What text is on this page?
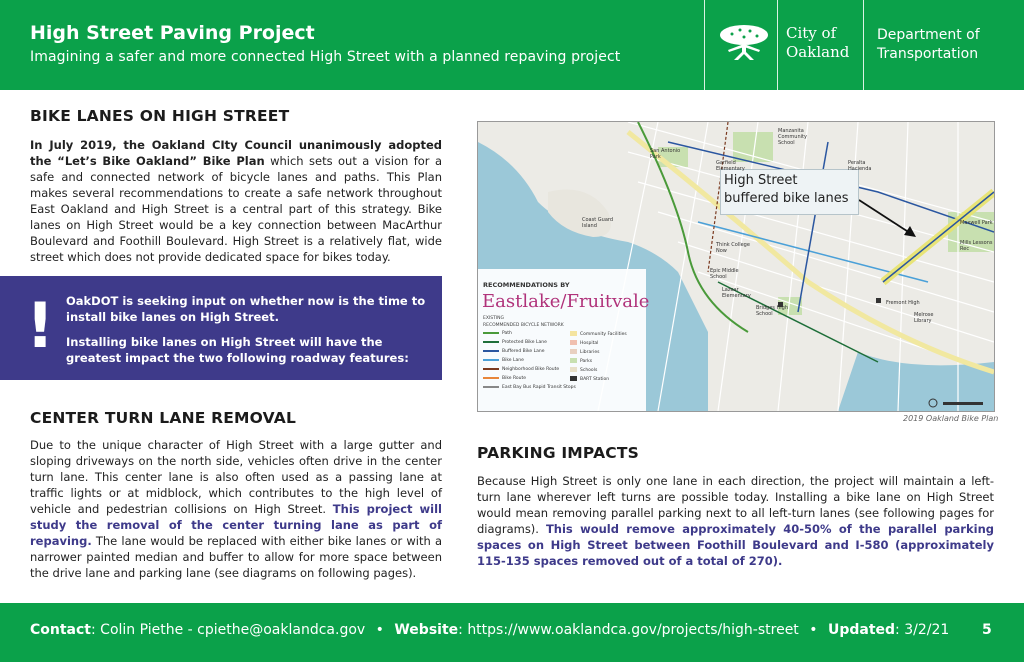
High Street Paving Project
Imagining a safer and more connected High Street with a planned repaving project
City of
Oakland
Department of
Transportation
BIKE LANES ON HIGH STREET

In July 2019, the Oakland CIty Council unanimously adopted the “Let’s Bike Oakland” Bike Plan which sets out a vision for a safe and connected network of bicycle lanes and paths. This Plan makes several recommendations to create a safe network throughout East Oakland and High Street is a central part of this strategy. Bike lanes on High Street would be a key connection between MacArthur Boulevard and Foothill Boulevard. High Street is a relatively flat, wide street which does not provide dedicated space for bikes today.

! OakDOT is seeking input on whether now is the time to install bike lanes on High Street.

Installing bike lanes on High Street will have the greatest impact the two following roadway features:

CENTER TURN LANE REMOVAL

Due to the unique character of High Street with a large gutter and sloping driveways on the north side, vehicles often drive in the center turn lane. This center lane is also often used as a passing lane at traffic lights or at midblock, which contributes to the high level of vehicle and pedestrian collisions on High Street. This project will study the removal of the center turning lane as part of repaving. The lane would be replaced with either bike lanes or with a narrower painted median and buffer to allow for more space between the drive lane and parking lane (see diagrams on following pages).

High Street
buffered bike lanes
RECOMMENDATIONS BY
Eastlake/Fruitvale
EXISTING
RECOMMENDED BICYCLE NETWORK
Path
Protected Bike Lane
Buffered Bike Lane
Bike Lane
Neighborhood Bike Route
Bike Route
East Bay Bus Rapid Transit Stops
Community Facilities
Hospital
Libraries
Parks
Schools
BART Station
Manzanita Community School
San Antonio Park
Peralta Hacienda
Garfield Elementary
Coast Guard Island
Think College Now
Epic Middle School
Lazear Elementary
Bridges High School
Fremont High
Melrose Library
Maxwell Park
Mills Lessons Rec
2019 Oakland Bike Plan
PARKING IMPACTS

Because High Street is only one lane in each direction, the project will maintain a left-turn lane wherever left turns are possible today. Installing a bike lane on High Street would mean removing parallel parking next to all left-turn lanes (see following pages for diagrams). This would remove approximately 40-50% of the parallel parking spaces on High Street between Foothill Boulevard and I-580 (approximately 115-135 spaces removed out of a total of 270).

Contact: Colin Piethe - cpiethe@oaklandca.gov • Website: https://www.oaklandca.gov/projects/high-street • Updated: 3/2/21 5
